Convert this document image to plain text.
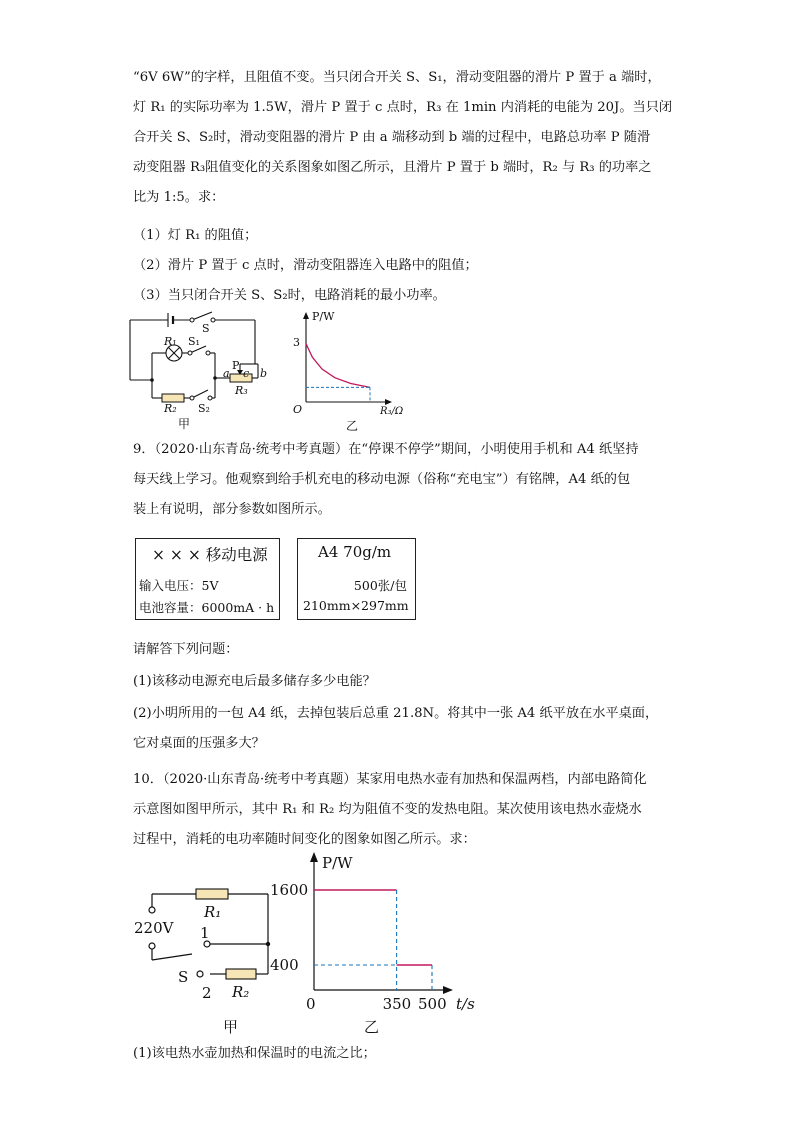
“6V 6W”的字样，且阻值不变。当只闭合开关 S、S₁，滑动变阻器的滑片 P 置于 a 端时，
灯 R₁ 的实际功率为 1.5W，滑片 P 置于 c 点时，R₃ 在 1min 内消耗的电能为 20J。当只闭
合开关 S、S₂时，滑动变阻器的滑片 P 由 a 端移动到 b 端的过程中，电路总功率 P 随滑
动变阻器 R₃阻值变化的关系图象如图乙所示，且滑片 P 置于 b 端时，R₂ 与 R₃ 的功率之
比为 1:5。求：
（1）灯 R₁ 的阻值；
（2）滑片 P 置于 c 点时，滑动变阻器连入电路中的阻值；
（3）当只闭合开关 S、S₂时，电路消耗的最小功率。
S
R₁ S₁
P
a c b
R₃
R₂ S₂
甲
P/W
3
O	R₃/Ω
乙
9．（2020·山东青岛·统考中考真题）在“停课不停学”期间，小明使用手机和 A4 纸坚持
每天线上学习。他观察到给手机充电的移动电源（俗称“充电宝”）有铭牌，A4 纸的包
装上有说明，部分参数如图所示。
× × × 移动电源
输入电压：5V
电池容量：6000mA · h
A4 70g/m
500张/包
210mm×297mm
请解答下列问题：
(1)该移动电源充电后最多储存多少电能？
(2)小明所用的一包 A4 纸，去掉包装后总重 21.8N。将其中一张 A4 纸平放在水平桌面，
它对桌面的压强多大？
10．（2020·山东青岛·统考中考真题）某家用电热水壶有加热和保温两档，内部电路简化
示意图如图甲所示，其中 R₁ 和 R₂ 均为阻值不变的发热电阻。某次使用该电热水壶烧水
过程中，消耗的电功率随时间变化的图象如图乙所示。求：
220V
R₁
1
S
2 R₂
甲
1600
400
350 500
P/W
0	t/s
乙
(1)该电热水壶加热和保温时的电流之比；
